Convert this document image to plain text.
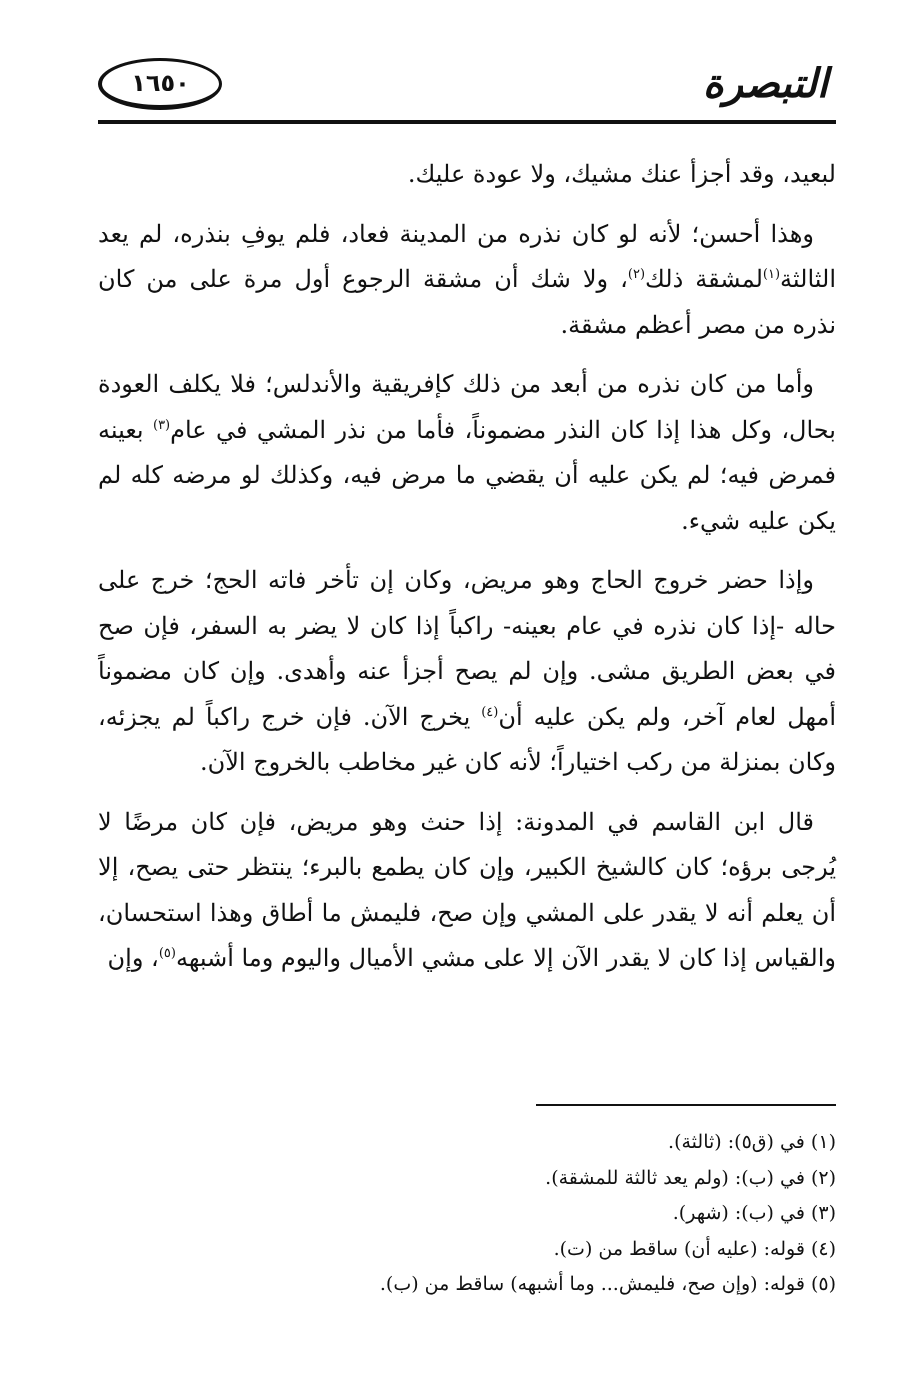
١٦٥٠	التبصرة

لبعيد، وقد أجزأ عنك مشيك، ولا عودة عليك.

وهذا أحسن؛ لأنه لو كان نذره من المدينة فعاد، فلم يوفِ بنذره، لم يعد الثالثة$^{(١)}$لمشقة ذلك$^{(٢)}$، ولا شك أن مشقة الرجوع أول مرة على من كان نذره من مصر أعظم مشقة.

وأما من كان نذره من أبعد من ذلك كإفريقية والأندلس؛ فلا يكلف العودة بحال، وكل هذا إذا كان النذر مضموناً، فأما من نذر المشي في عام$^{(٣)}$ بعينه فمرض فيه؛ لم يكن عليه أن يقضي ما مرض فيه، وكذلك لو مرضه كله لم يكن عليه شيء.

وإذا حضر خروج الحاج وهو مريض، وكان إن تأخر فاته الحج؛ خرج على حاله -إذا كان نذره في عام بعينه- راكباً إذا كان لا يضر به السفر، فإن صح في بعض الطريق مشى. وإن لم يصح أجزأ عنه وأهدى. وإن كان مضموناً أمهل لعام آخر، ولم يكن عليه أن$^{(٤)}$ يخرج الآن. فإن خرج راكباً لم يجزئه، وكان بمنزلة من ركب اختياراً؛ لأنه كان غير مخاطب بالخروج الآن.

قال ابن القاسم في المدونة: إذا حنث وهو مريض، فإن كان مرضًا لا يُرجى برؤه؛ كان كالشيخ الكبير، وإن كان يطمع بالبرء؛ ينتظر حتى يصح، إلا أن يعلم أنه لا يقدر على المشي وإن صح، فليمش ما أطاق وهذا استحسان، والقياس إذا كان لا يقدر الآن إلا على مشي الأميال واليوم وما أشبهه$^{(٥)}$، وإن

(١) في (ق٥): (ثالثة).
(٢) في (ب): (ولم يعد ثالثة للمشقة).
(٣) في (ب): (شهر).
(٤) قوله: (عليه أن) ساقط من (ت).
(٥) قوله: (وإن صح، فليمش... وما أشبهه) ساقط من (ب).
